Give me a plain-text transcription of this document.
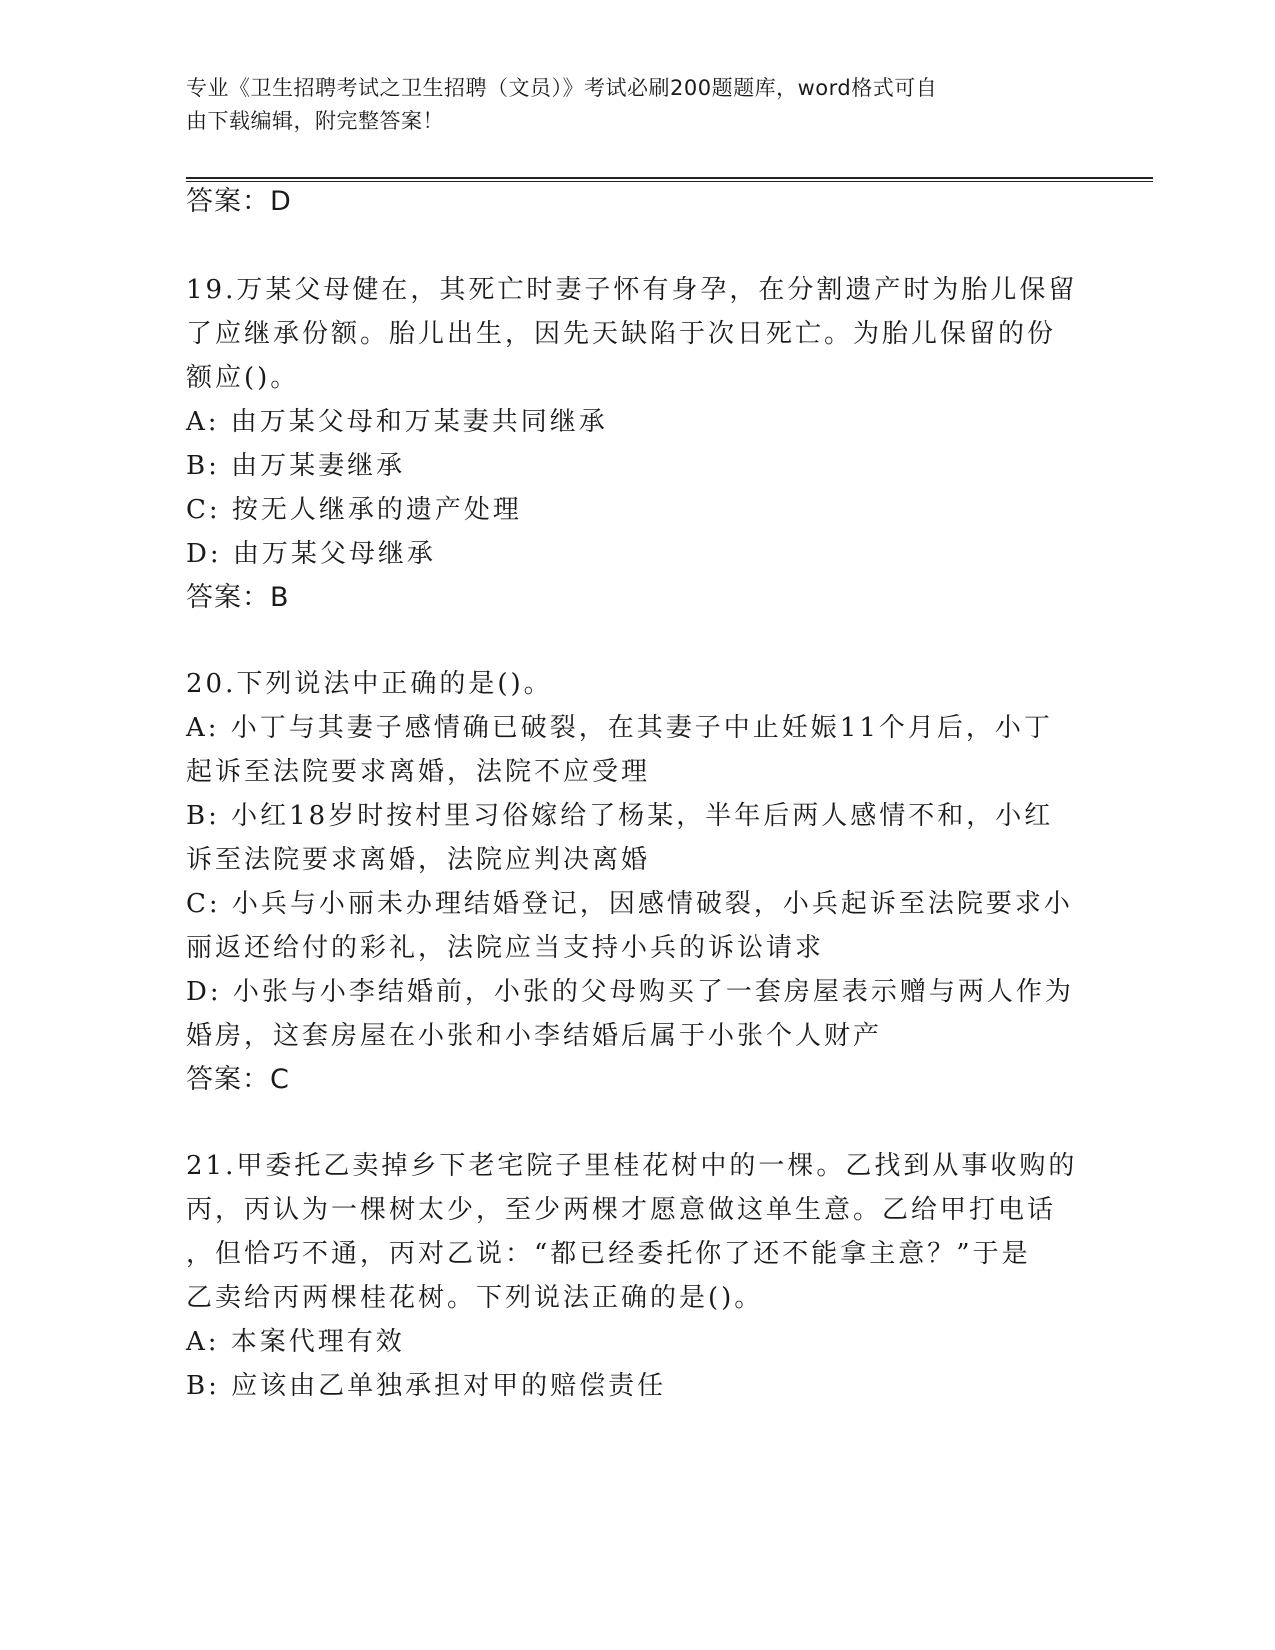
专业《卫生招聘考试之卫生招聘（文员）》考试必刷200题题库，word格式可自
由下载编辑，附完整答案！
答案：D
19.万某父母健在，其死亡时妻子怀有身孕，在分割遗产时为胎儿保留
了应继承份额。胎儿出生，因先天缺陷于次日死亡。为胎儿保留的份
额应()。
A: 由万某父母和万某妻共同继承
B: 由万某妻继承
C: 按无人继承的遗产处理
D: 由万某父母继承
答案：B
20.下列说法中正确的是()。
A: 小丁与其妻子感情确已破裂，在其妻子中止妊娠11个月后，小丁
起诉至法院要求离婚，法院不应受理
B: 小红18岁时按村里习俗嫁给了杨某，半年后两人感情不和，小红
诉至法院要求离婚，法院应判决离婚
C: 小兵与小丽未办理结婚登记，因感情破裂，小兵起诉至法院要求小
丽返还给付的彩礼，法院应当支持小兵的诉讼请求
D: 小张与小李结婚前，小张的父母购买了一套房屋表示赠与两人作为
婚房，这套房屋在小张和小李结婚后属于小张个人财产
答案：C
21.甲委托乙卖掉乡下老宅院子里桂花树中的一棵。乙找到从事收购的
丙，丙认为一棵树太少，至少两棵才愿意做这单生意。乙给甲打电话
，但恰巧不通，丙对乙说：“都已经委托你了还不能拿主意？”于是
乙卖给丙两棵桂花树。下列说法正确的是()。
A: 本案代理有效
B: 应该由乙单独承担对甲的赔偿责任
